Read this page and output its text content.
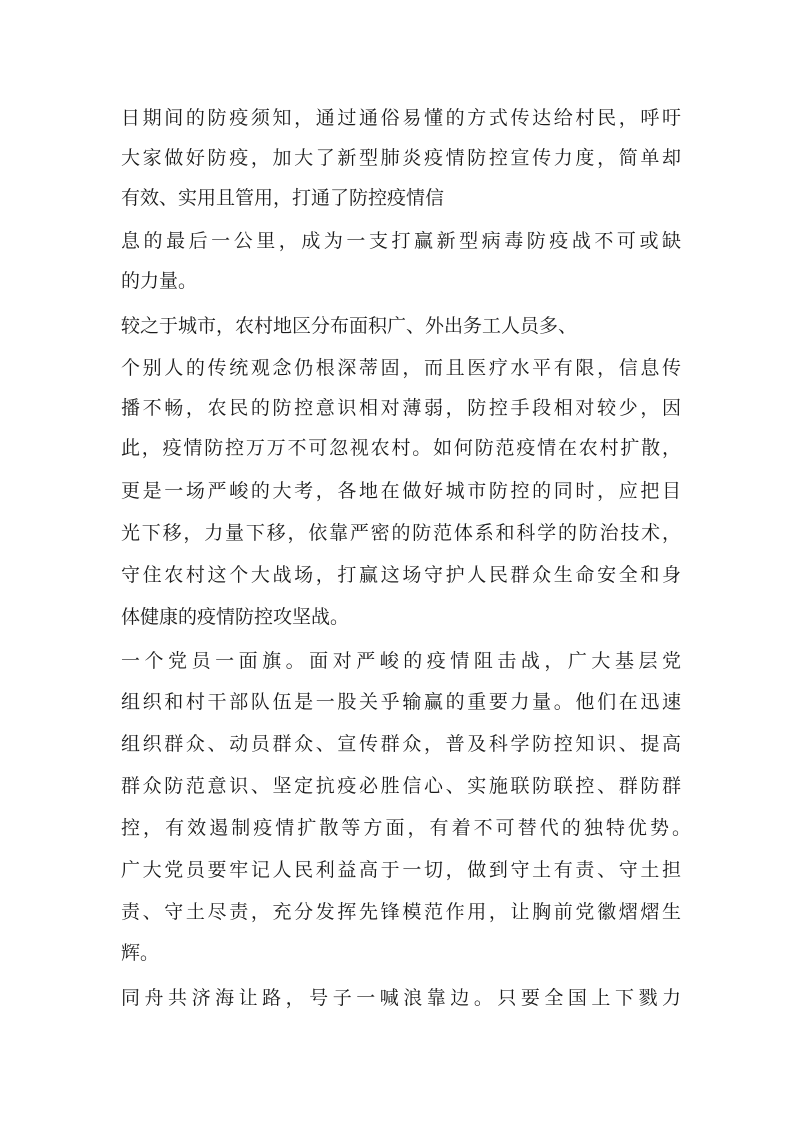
日期间的防疫须知，通过通俗易懂的方式传达给村民，呼吁

大家做好防疫，加大了新型肺炎疫情防控宣传力度，简单却

有效、实用且管用，打通了防控疫情信

息的最后一公里，成为一支打赢新型病毒防疫战不可或缺

的力量。

较之于城市，农村地区分布面积广、外出务工人员多、

个别人的传统观念仍根深蒂固，而且医疗水平有限，信息传

播不畅，农民的防控意识相对薄弱，防控手段相对较少，因

此，疫情防控万万不可忽视农村。如何防范疫情在农村扩散，

更是一场严峻的大考，各地在做好城市防控的同时，应把目

光下移，力量下移，依靠严密的防范体系和科学的防治技术，

守住农村这个大战场，打赢这场守护人民群众生命安全和身

体健康的疫情防控攻坚战。

一个党员一面旗。面对严峻的疫情阻击战，广大基层党

组织和村干部队伍是一股关乎输赢的重要力量。他们在迅速

组织群众、动员群众、宣传群众，普及科学防控知识、提高

群众防范意识、坚定抗疫必胜信心、实施联防联控、群防群

控，有效遏制疫情扩散等方面，有着不可替代的独特优势。

广大党员要牢记人民利益高于一切，做到守土有责、守土担

责、守土尽责，充分发挥先锋模范作用，让胸前党徽熠熠生

辉。

同舟共济海让路，号子一喊浪靠边。只要全国上下戮力
